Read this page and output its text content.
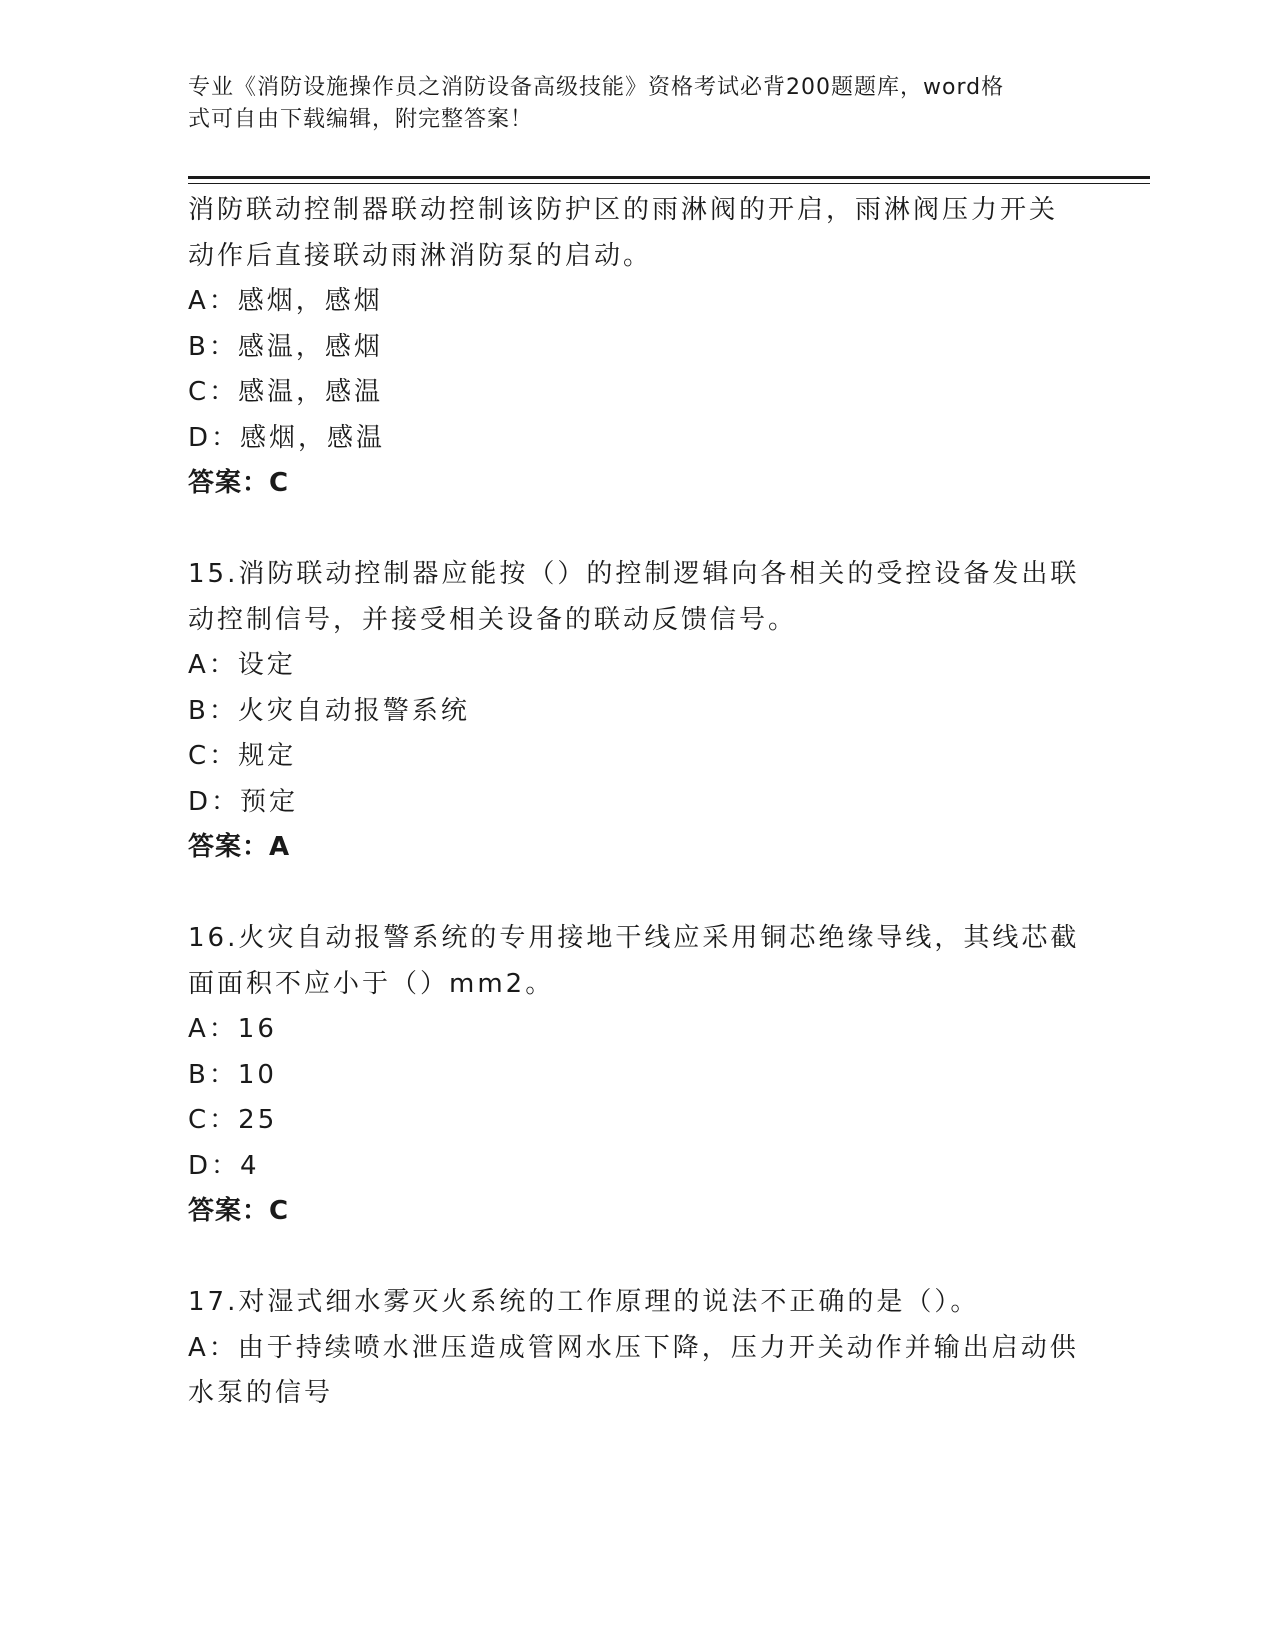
专业《消防设施操作员之消防设备高级技能》资格考试必背200题题库，word格
式可自由下载编辑，附完整答案！
消防联动控制器联动控制该防护区的雨淋阀的开启，雨淋阀压力开关
动作后直接联动雨淋消防泵的启动。
A：感烟，感烟
B：感温，感烟
C：感温，感温
D：感烟，感温
答案：C
15.消防联动控制器应能按（）的控制逻辑向各相关的受控设备发出联
动控制信号，并接受相关设备的联动反馈信号。
A：设定
B：火灾自动报警系统
C：规定
D：预定
答案：A
16.火灾自动报警系统的专用接地干线应采用铜芯绝缘导线，其线芯截
面面积不应小于（）mm2。
A：16
B：10
C：25
D：4
答案：C
17.对湿式细水雾灭火系统的工作原理的说法不正确的是（）。
A：由于持续喷水泄压造成管网水压下降，压力开关动作并输出启动供
水泵的信号
